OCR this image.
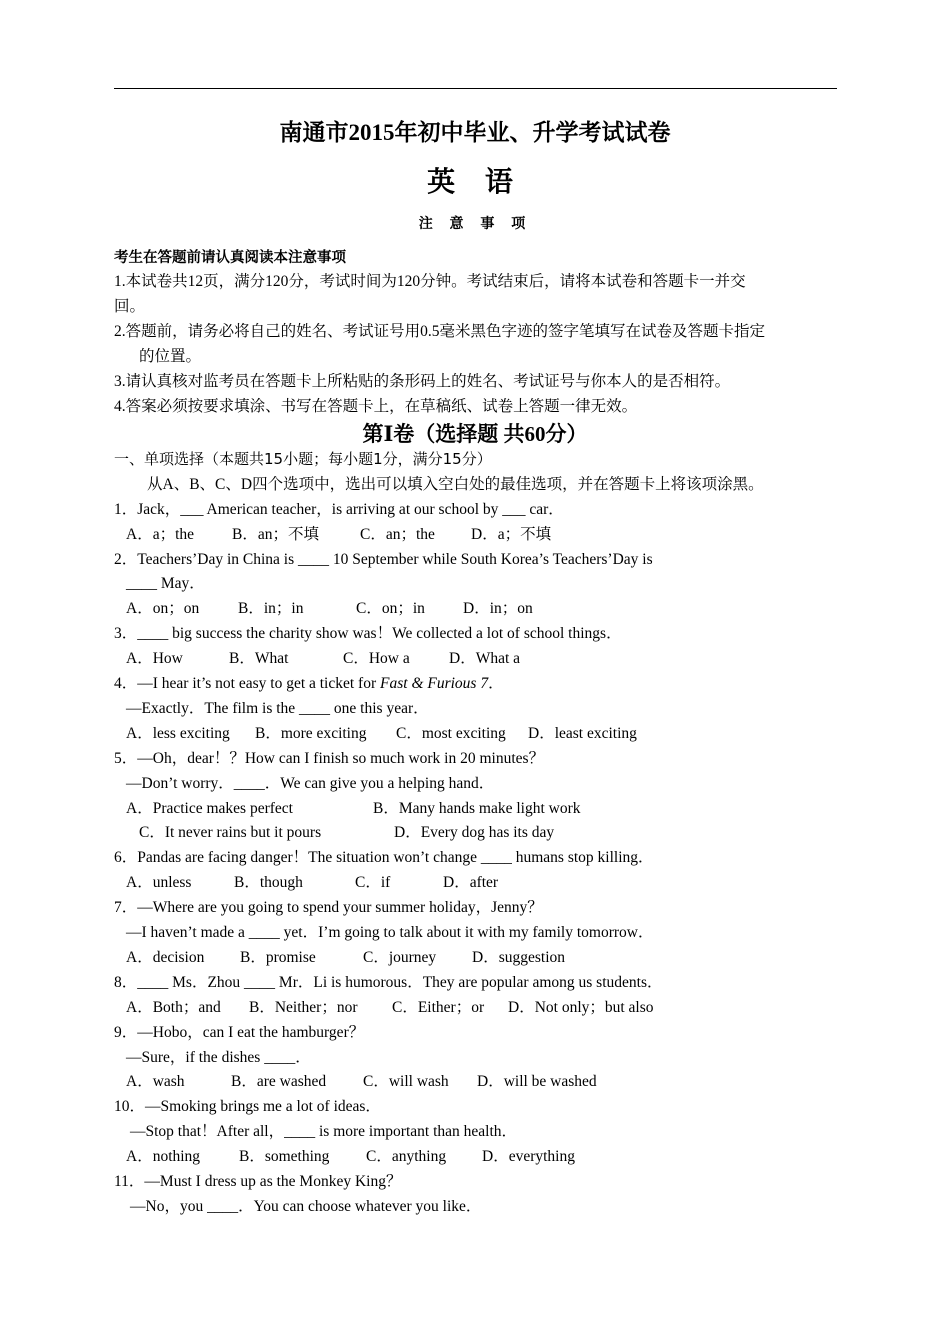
南通市2015年初中毕业、升学考试试卷
英 语
注 意 事 项
考生在答题前请认真阅读本注意事项
1.本试卷共12页，满分120分，考试时间为120分钟。考试结束后，请将本试卷和答题卡一并交
回。
2.答题前，请务必将自己的姓名、考试证号用0.5毫米黑色字迹的签字笔填写在试卷及答题卡指定
的位置。
3.请认真核对监考员在答题卡上所粘贴的条形码上的姓名、考试证号与你本人的是否相符。
4.答案必须按要求填涂、书写在答题卡上，在草稿纸、试卷上答题一律无效。
第Ⅰ卷（选择题 共60分）
一、单项选择（本题共15小题；每小题1分，满分15分）
从A、B、C、D四个选项中，选出可以填入空白处的最佳选项，并在答题卡上将该项涂黑。
1．Jack，___ American teacher，is arriving at our school by ___ car．
A．a；the B．an；不填	C．an；the D．a；不填
2．Teachers’Day in China is ____ 10 September while South Korea’s Teachers’Day is
____ May．
A．on；on	B．in；in	C．on；in D．in；on
3．____ big success the charity show was！We collected a lot of school things．
A．How	B．What	C．How a	D．What a
4．—I hear it’s not easy to get a ticket for Fast & Furious 7．
—Exactly．The film is the ____ one this year．
A．less exciting B．more exciting C．most exciting D．least exciting
5．—Oh，dear！？How can I finish so much work in 20 minutes？
—Don’t worry．____．We can give you a helping hand．
A．Practice makes perfect	B．Many hands make light work
C．It never rains but it pours	D．Every dog has its day
6．Pandas are facing danger！The situation won’t change ____ humans stop killing．
A．unless	B．though	C．if	D．after
7．—Where are you going to spend your summer holiday，Jenny？
—I haven’t made a ____ yet．I’m going to talk about it with my family tomorrow．
A．decision B．promise	C．journey D．suggestion
8．____ Ms．Zhou ____ Mr．Li is humorous．They are popular among us students．
A．Both；and B．Neither；nor C．Either；or D．Not only；but also
9．—Hobo，can I eat the hamburger？
—Sure，if the dishes ____．
A．wash	B．are washed C．will wash D．will be washed
10．—Smoking brings me a lot of ideas．
—Stop that！After all，____ is more important than health．
A．nothing	B．something C．anything D．everything
11．—Must I dress up as the Monkey King？
—No，you ____．You can choose whatever you like．
